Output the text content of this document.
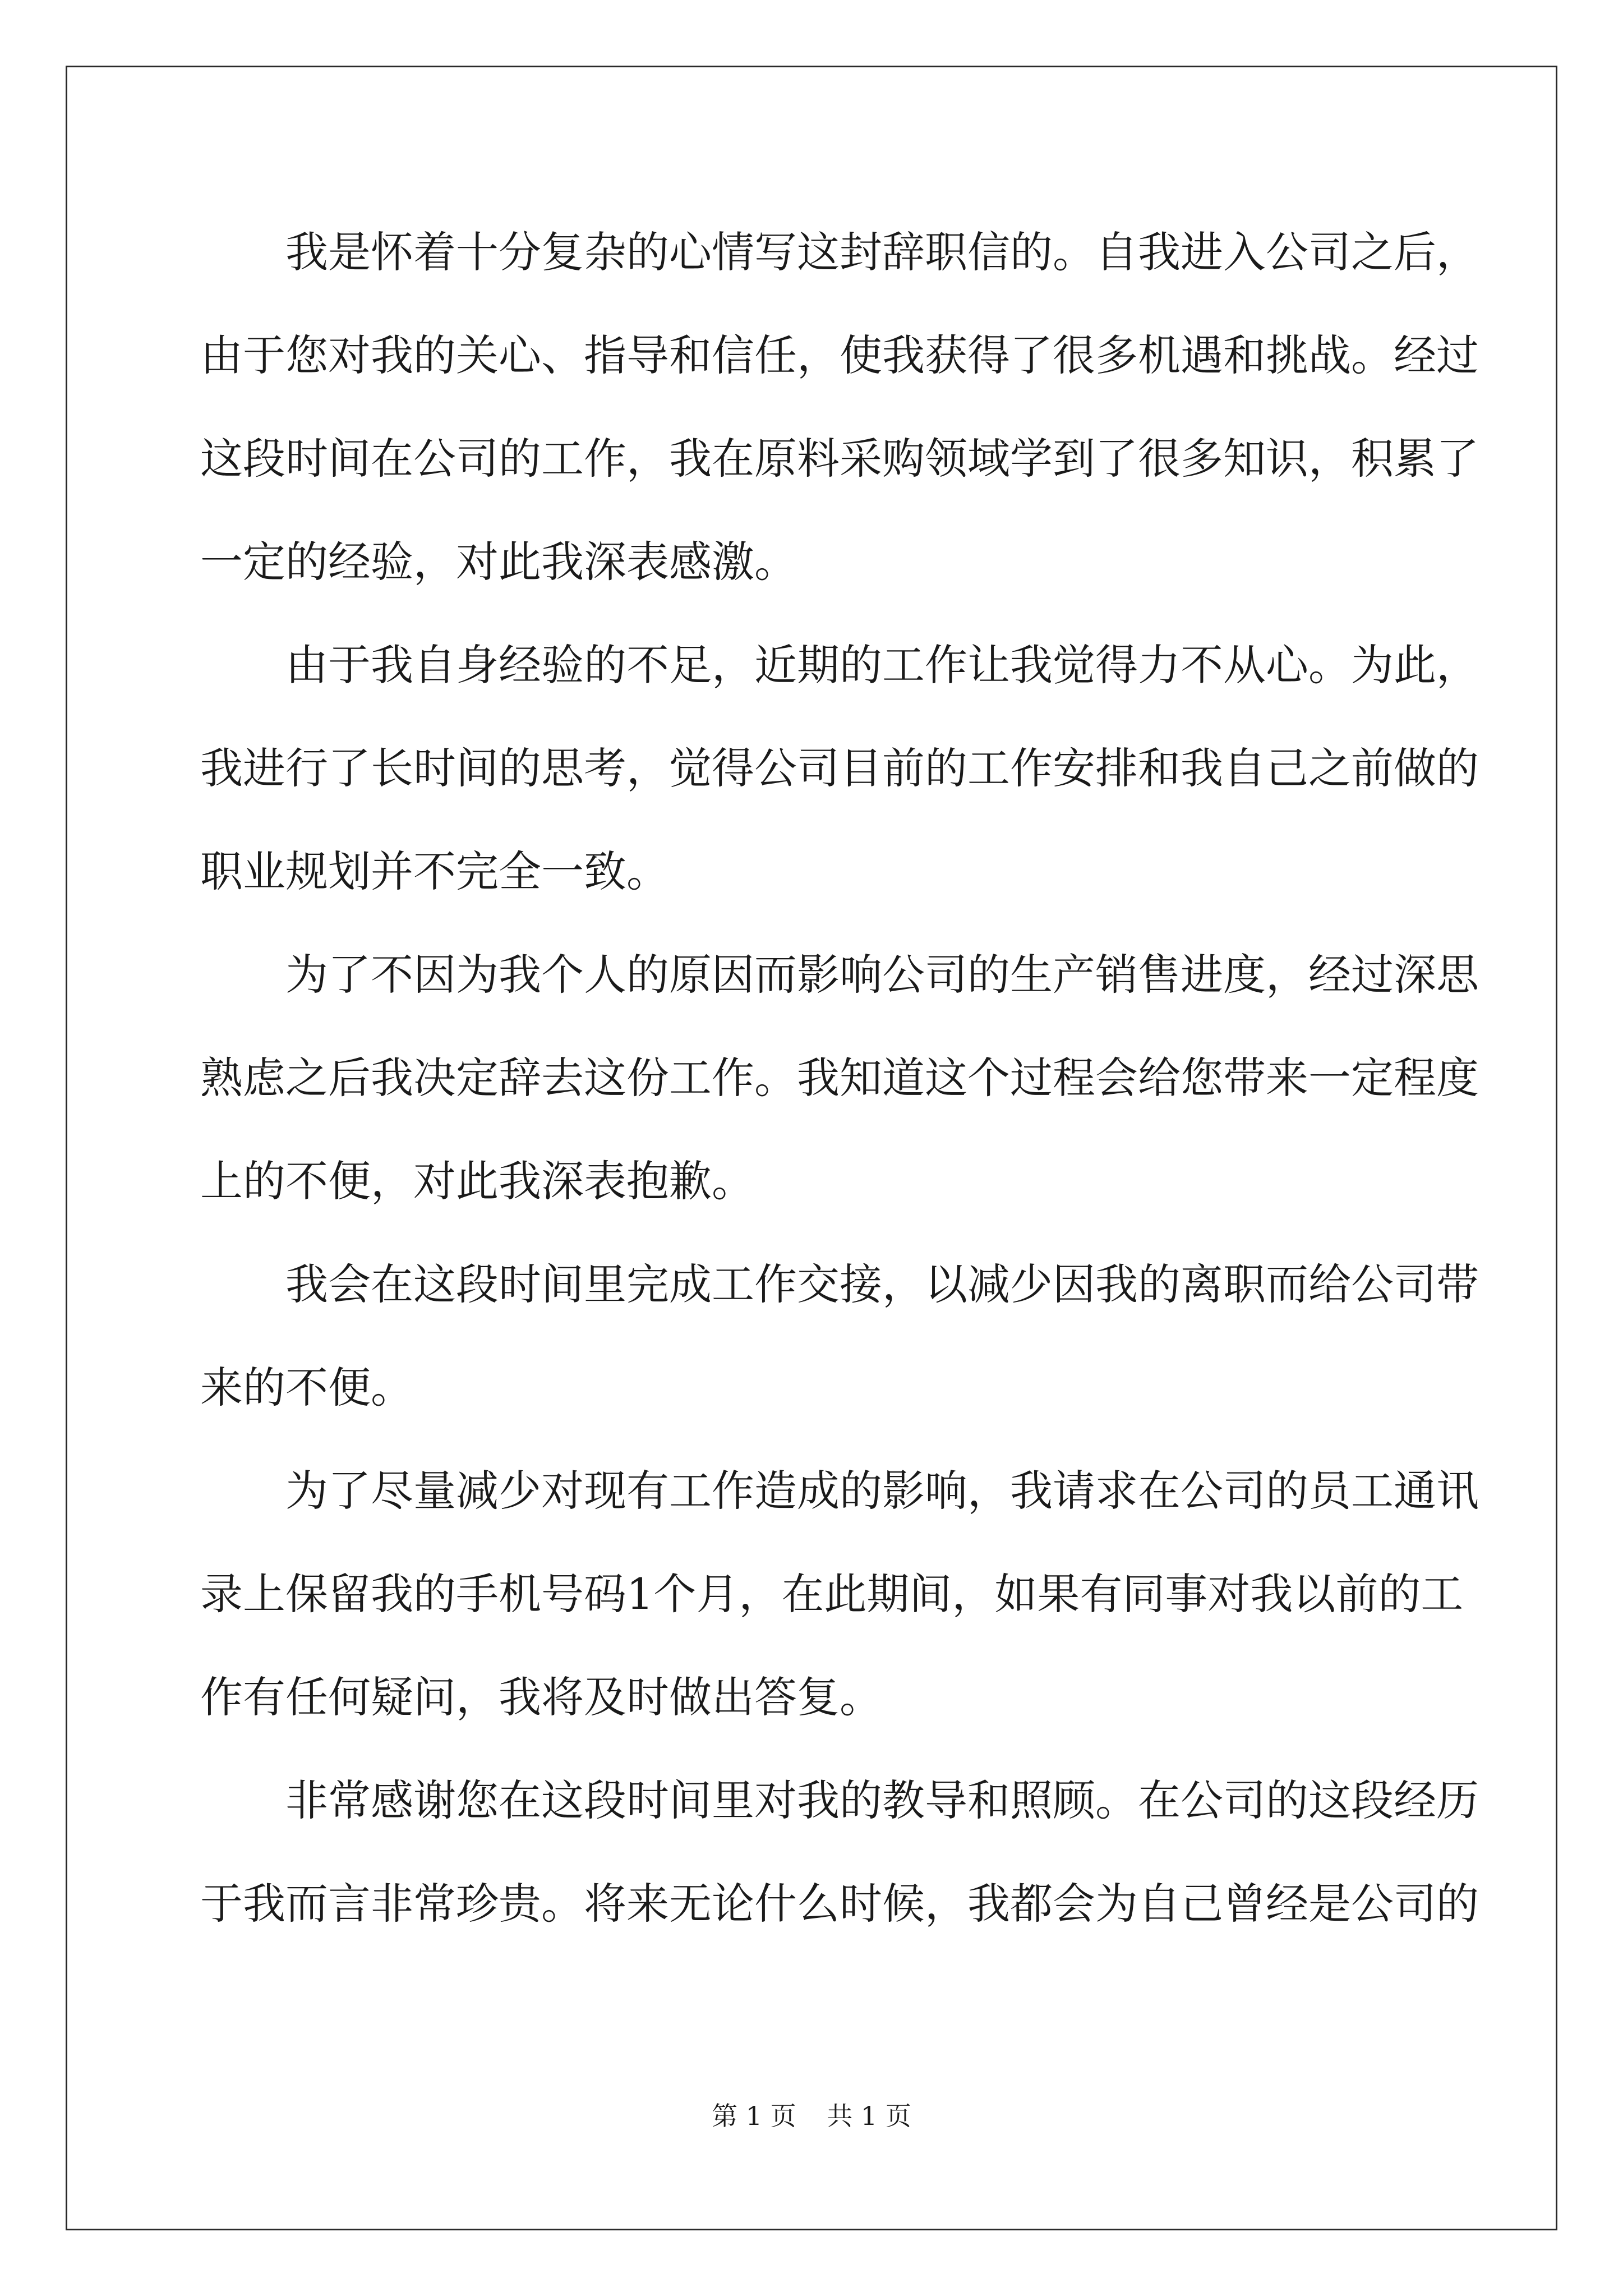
我 是 怀 着 十 分 复 杂 的 心 情 写 这 封 辞 职 信 的 。 自 我 进 入 公 司 之 后 ，
由 于 您 对 我 的 关 心 、 指 导 和 信 任 ， 使 我 获 得 了 很 多 机 遇 和 挑 战 。 经 过
这 段 时 间 在 公 司 的 工 作 ， 我 在 原 料 采 购 领 域 学 到 了 很 多 知 识 ， 积 累 了
一定的经验，对此我深表感激。
由 于 我 自 身 经 验 的 不 足 ， 近 期 的 工 作 让 我 觉 得 力 不 从 心 。 为 此 ，
我 进 行 了 长 时 间 的 思 考 ， 觉 得 公 司 目 前 的 工 作 安 排 和 我 自 己 之 前 做 的
职业规划并不完全一致。
为 了 不 因 为 我 个 人 的 原 因 而 影 响 公 司 的 生 产 销 售 进 度 ， 经 过 深 思
熟 虑 之 后 我 决 定 辞 去 这 份 工 作 。 我 知 道 这 个 过 程 会 给 您 带 来 一 定 程 度
上的不便，对此我深表抱歉。
我 会 在 这 段 时 间 里 完 成 工 作 交 接 ， 以 减 少 因 我 的 离 职 而 给 公 司 带
来的不便。
为 了 尽 量 减 少 对 现 有 工 作 造 成 的 影 响 ， 我 请 求 在 公 司 的 员 工 通 讯
录 上 保 留 我 的 手 机 号 码 1 个 月 ， 在 此 期 间 ， 如 果 有 同 事 对 我 以 前 的 工
作有任何疑问，我将及时做出答复。
非 常 感 谢 您 在 这 段 时 间 里 对 我 的 教 导 和 照 顾 。 在 公 司 的 这 段 经 历
于 我 而 言 非 常 珍 贵 。 将 来 无 论 什 么 时 候 ， 我 都 会 为 自 己 曾 经 是 公 司 的
第 1 页 共 1 页
